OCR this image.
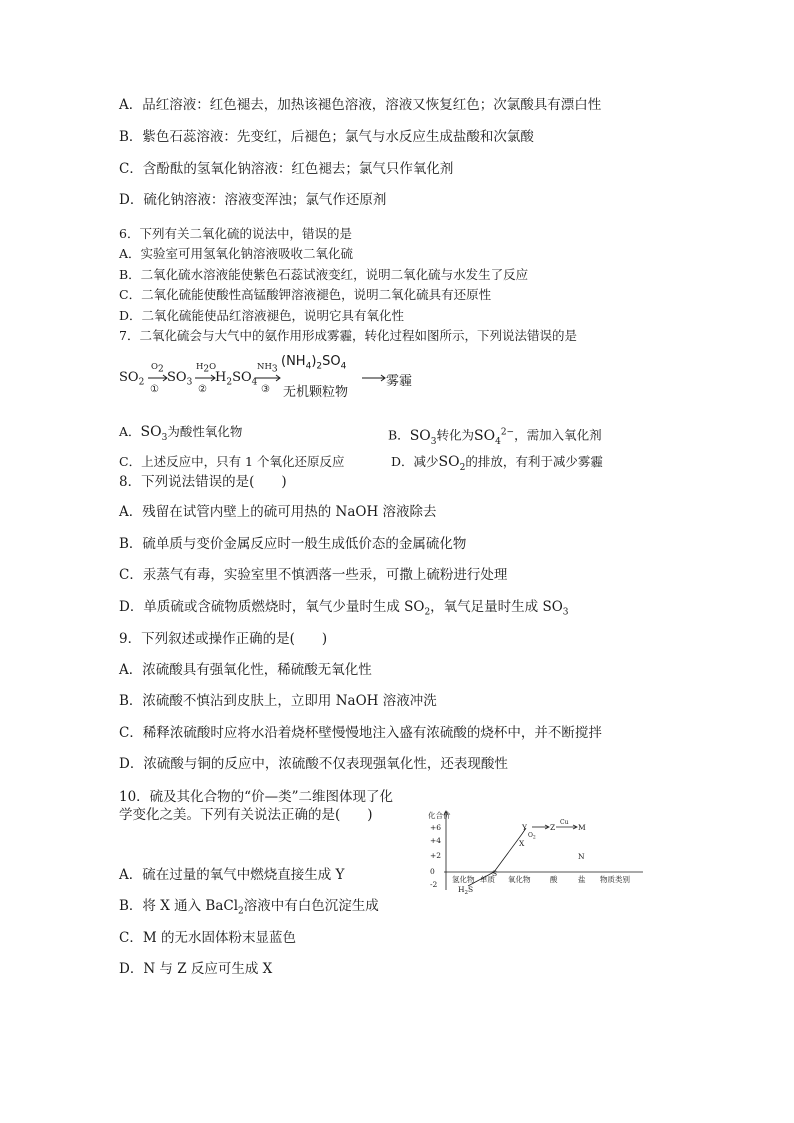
A．品红溶液：红色褪去，加热该褪色溶液，溶液又恢复红色；次氯酸具有漂白性
B．紫色石蕊溶液：先变红，后褪色；氯气与水反应生成盐酸和次氯酸
C．含酚酞的氢氧化钠溶液：红色褪去；氯气只作氧化剂
D．硫化钠溶液：溶液变浑浊；氯气作还原剂
6．下列有关二氧化硫的说法中，错误的是
A．实验室可用氢氧化钠溶液吸收二氧化硫
B．二氧化硫水溶液能使紫色石蕊试液变红，说明二氧化硫与水发生了反应
C．二氧化硫能使酸性高锰酸钾溶液褪色，说明二氧化硫具有还原性
D．二氧化硫能使品红溶液褪色，说明它具有氧化性
7．二氧化硫会与大气中的氨作用形成雾霾，转化过程如图所示，下列说法错误的是
$SO_2$
$O_2$
①
$SO_3$
$H_2O$
②
$H_2SO_4$
$NH_3$
③
$(NH_4)_2SO_4$
无机颗粒物
雾霾
A．$SO_3$为酸性氧化物	B．$SO_3$转化为$SO_4^{2-}$，需加入氧化剂
C．上述反应中，只有 1 个氧化还原反应	D．减少$SO_2$的排放，有利于减少雾霾
8．下列说法错误的是(　　)
A．残留在试管内壁上的硫可用热的 NaOH 溶液除去
B．硫单质与变价金属反应时一般生成低价态的金属硫化物
C．汞蒸气有毒，实验室里不慎洒落一些汞，可撒上硫粉进行处理
D．单质硫或含硫物质燃烧时，氧气少量时生成 $SO_2$，氧气足量时生成 $SO_3$
9．下列叙述或操作正确的是(　　)
A．浓硫酸具有强氧化性，稀硫酸无氧化性
B．浓硫酸不慎沾到皮肤上，立即用 NaOH 溶液冲洗
C．稀释浓硫酸时应将水沿着烧杯壁慢慢地注入盛有浓硫酸的烧杯中，并不断搅拌
D．浓硫酸与铜的反应中，浓硫酸不仅表现强氧化性，还表现酸性
10．硫及其化合物的“价—类”二维图体现了化
学变化之美。下列有关说法正确的是(　　)
A．硫在过量的氧气中燃烧直接生成 Y
B．将 X 通入 BaCl$_2$溶液中有白色沉淀生成
C．M 的无水固体粉末显蓝色
D．N 与 Z 反应可生成 X
化合价
+6
+4
+2
0
-2
氢化物 单质 氧化物	酸	盐 物质类别
S
$H_2S$
X
Y	Z	M
N
$O_2$
Cu
